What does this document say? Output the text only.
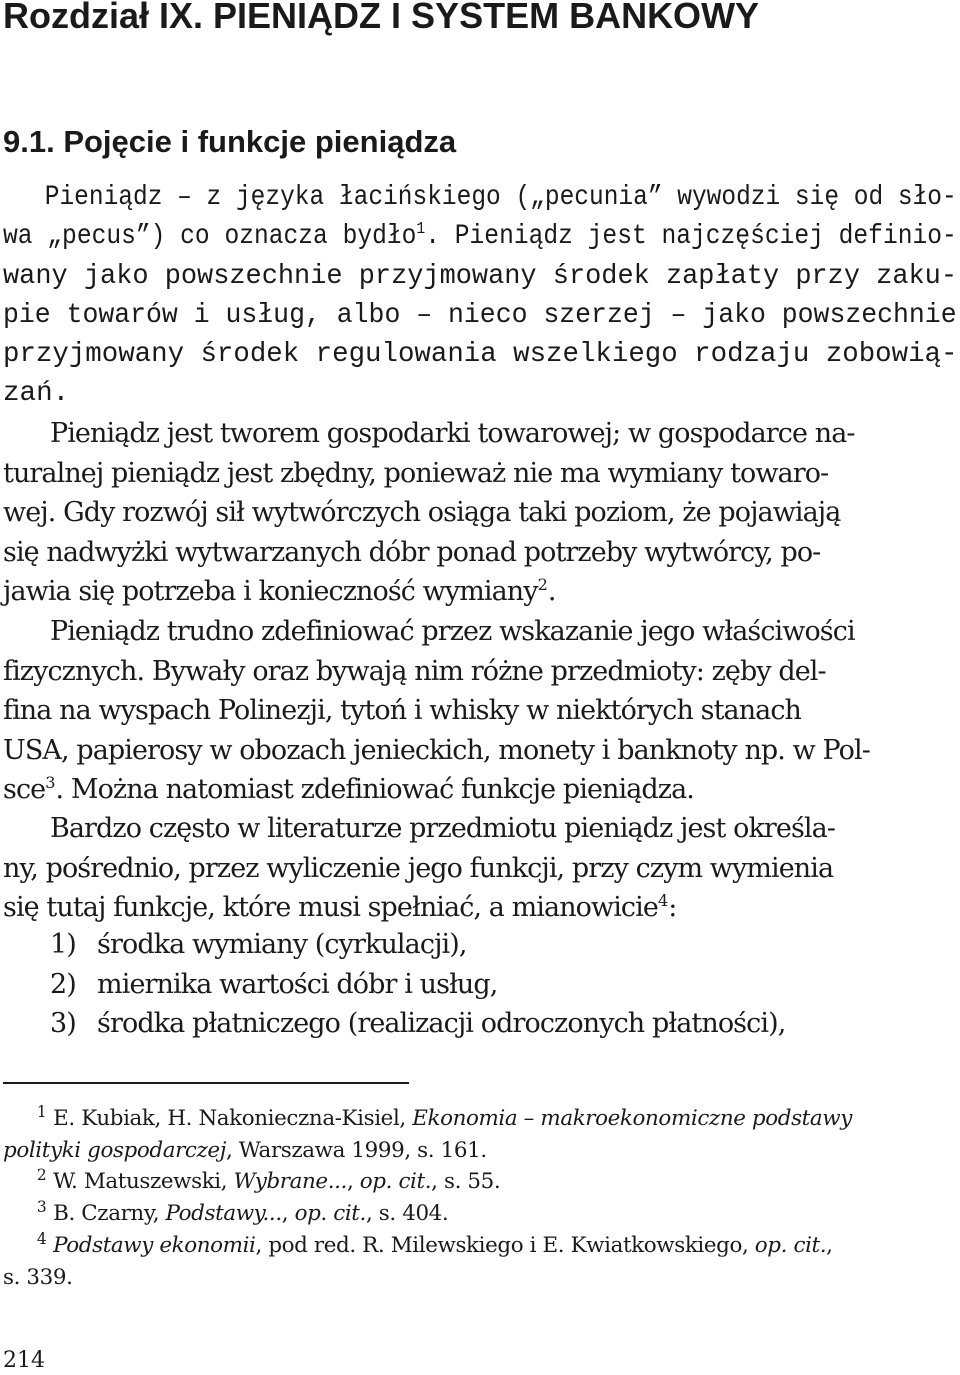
Rozdział IX. PIENIĄDZ I SYSTEM BANKOWY
9.1. Pojęcie i funkcje pieniądza

Pieniądz – z języka łacińskiego („pecunia” wywodzi się od sło-
wa „pecus”) co oznacza bydło$^1$. Pieniądz jest najczęściej definio-
wany jako powszechnie przyjmowany środek zapłaty przy zaku-
pie towarów i usług, albo – nieco szerzej – jako powszechnie
przyjmowany środek regulowania wszelkiego rodzaju zobowią-
zań.

Pieniądz jest tworem gospodarki towarowej; w gospodarce na-
turalnej pieniądz jest zbędny, ponieważ nie ma wymiany towaro-
wej. Gdy rozwój sił wytwórczych osiąga taki poziom, że pojawiają
się nadwyżki wytwarzanych dóbr ponad potrzeby wytwórcy, po-
jawia się potrzeba i konieczność wymiany$^2$.

Pieniądz trudno zdefiniować przez wskazanie jego właściwości
fizycznych. Bywały oraz bywają nim różne przedmioty: zęby del-
fina na wyspach Polinezji, tytoń i whisky w niektórych stanach
USA, papierosy w obozach jenieckich, monety i banknoty np. w Pol-
sce$^3$. Można natomiast zdefiniować funkcje pieniądza.

Bardzo często w literaturze przedmiotu pieniądz jest określa-
ny, pośrednio, przez wyliczenie jego funkcji, przy czym wymienia
się tutaj funkcje, które musi spełniać, a mianowicie$^4$:

1) środka wymiany (cyrkulacji),
2) miernika wartości dóbr i usług,
3) środka płatniczego (realizacji odroczonych płatności),
$^1$ E. Kubiak, H. Nakonieczna-Kisiel, Ekonomia – makroekonomiczne podstawy
polityki gospodarczej, Warszawa 1999, s. 161.
$^2$ W. Matuszewski, Wybrane..., op. cit., s. 55.
$^3$ B. Czarny, Podstawy..., op. cit., s. 404.
$^4$ Podstawy ekonomii, pod red. R. Milewskiego i E. Kwiatkowskiego, op. cit.,
s. 339.
214
